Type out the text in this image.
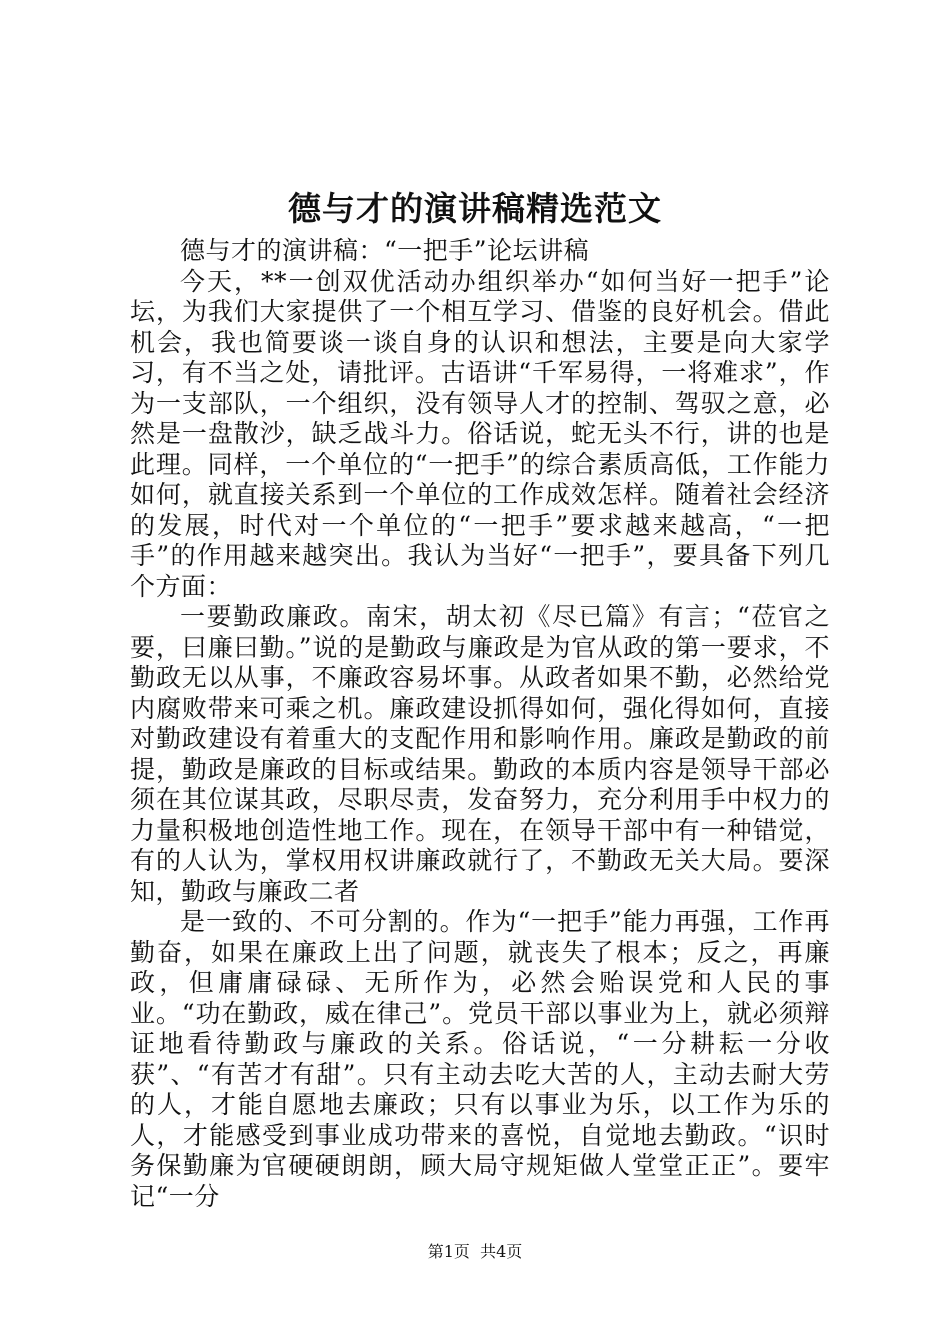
德与才的演讲稿精选范文

德与才的演讲稿：“一把手”论坛讲稿

今天，**一创双优活动办组织举办“如何当好一把手”论坛，为我们大家提供了一个相互学习、借鉴的良好机会。借此机会，我也简要谈一谈自身的认识和想法，主要是向大家学习，有不当之处，请批评。古语讲“千军易得，一将难求”，作为一支部队，一个组织，没有领导人才的控制、驾驭之意，必然是一盘散沙，缺乏战斗力。俗话说，蛇无头不行，讲的也是此理。同样，一个单位的“一把手”的综合素质高低，工作能力如何，就直接关系到一个单位的工作成效怎样。随着社会经济的发展，时代对一个单位的“一把手”要求越来越高，“一把手”的作用越来越突出。我认为当好“一把手”，要具备下列几个方面：

一要勤政廉政。南宋，胡太初《尽已篇》有言；“莅官之要，曰廉曰勤。”说的是勤政与廉政是为官从政的第一要求，不勤政无以从事，不廉政容易坏事。从政者如果不勤，必然给党内腐败带来可乘之机。廉政建设抓得如何，强化得如何，直接对勤政建设有着重大的支配作用和影响作用。廉政是勤政的前提，勤政是廉政的目标或结果。勤政的本质内容是领导干部必须在其位谋其政，尽职尽责，发奋努力，充分利用手中权力的力量积极地创造性地工作。现在，在领导干部中有一种错觉，有的人认为，掌权用权讲廉政就行了，不勤政无关大局。要深知，勤政与廉政二者

是一致的、不可分割的。作为“一把手”能力再强，工作再勤奋，如果在廉政上出了问题，就丧失了根本；反之，再廉政，但庸庸碌碌、无所作为，必然会贻误党和人民的事业。“功在勤政，威在律己”。党员干部以事业为上，就必须辩证地看待勤政与廉政的关系。俗话说，“一分耕耘一分收获”、“有苦才有甜”。只有主动去吃大苦的人，主动去耐大劳的人，才能自愿地去廉政；只有以事业为乐，以工作为乐的人，才能感受到事业成功带来的喜悦，自觉地去勤政。“识时务保勤廉为官硬硬朗朗，顾大局守规矩做人堂堂正正”。要牢记“一分

第1页 共4页
